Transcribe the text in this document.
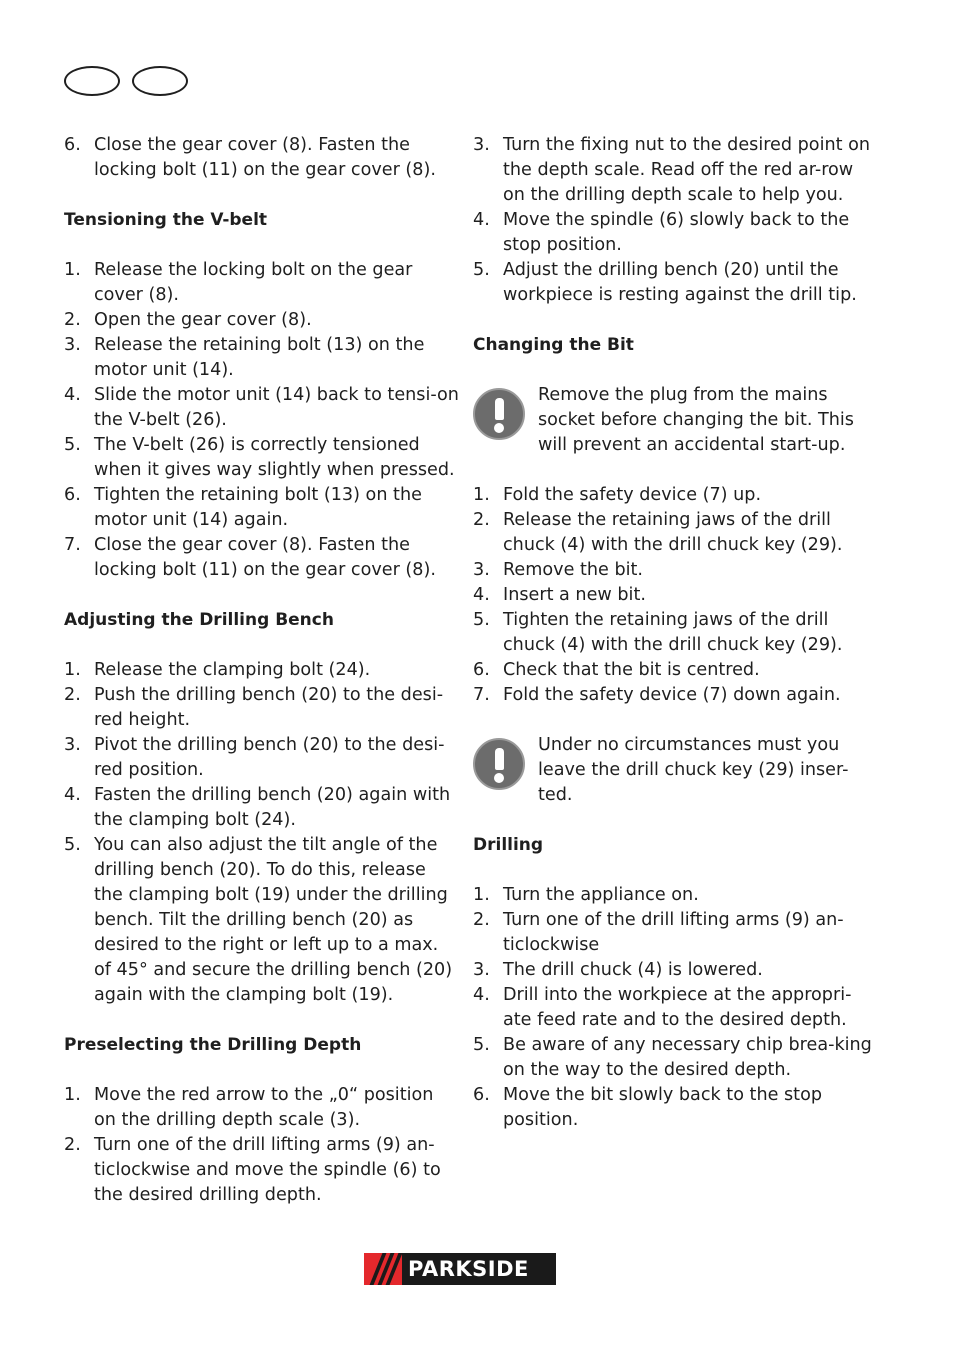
6. Close the gear cover (8). Fasten the locking bolt (11) on the gear cover (8).

Tensioning the V-belt

1. Release the locking bolt on the gear cover (8).
2. Open the gear cover (8).
3. Release the retaining bolt (13) on the motor unit (14).
4. Slide the motor unit (14) back to tensi-on the V-belt (26).
5. The V-belt (26) is correctly tensioned when it gives way slightly when pressed.
6. Tighten the retaining bolt (13) on the motor unit (14) again.
7. Close the gear cover (8). Fasten the locking bolt (11) on the gear cover (8).

Adjusting the Drilling Bench

1. Release the clamping bolt (24).
2. Push the drilling bench (20) to the desi-red height.
3. Pivot the drilling bench (20) to the desi-red position.
4. Fasten the drilling bench (20) again with the clamping bolt (24).
5. You can also adjust the tilt angle of the drilling bench (20). To do this, release the clamping bolt (19) under the drilling bench. Tilt the drilling bench (20) as desired to the right or left up to a max. of 45° and secure the drilling bench (20) again with the clamping bolt (19).

Preselecting the Drilling Depth

1. Move the red arrow to the „0“ position on the drilling depth scale (3).
2. Turn one of the drill lifting arms (9) an-ticlockwise and move the spindle (6) to the desired drilling depth.
3. Turn the fixing nut to the desired point on the depth scale. Read off the red ar-row on the drilling depth scale to help you.
4. Move the spindle (6) slowly back to the stop position.
5. Adjust the drilling bench (20) until the workpiece is resting against the drill tip.

Changing the Bit

Remove the plug from the mains socket before changing the bit. This will prevent an accidental start-up.

1. Fold the safety device (7) up.
2. Release the retaining jaws of the drill chuck (4) with the drill chuck key (29).
3. Remove the bit.
4. Insert a new bit.
5. Tighten the retaining jaws of the drill chuck (4) with the drill chuck key (29).
6. Check that the bit is centred.
7. Fold the safety device (7) down again.

Under no circumstances must you leave the drill chuck key (29) inser-ted.

Drilling

1. Turn the appliance on.
2. Turn one of the drill lifting arms (9) an-ticlockwise
3. The drill chuck (4) is lowered.
4. Drill into the workpiece at the appropri-ate feed rate and to the desired depth.
5. Be aware of any necessary chip brea-king on the way to the desired depth.
6. Move the bit slowly back to the stop position.
PARKSIDE
